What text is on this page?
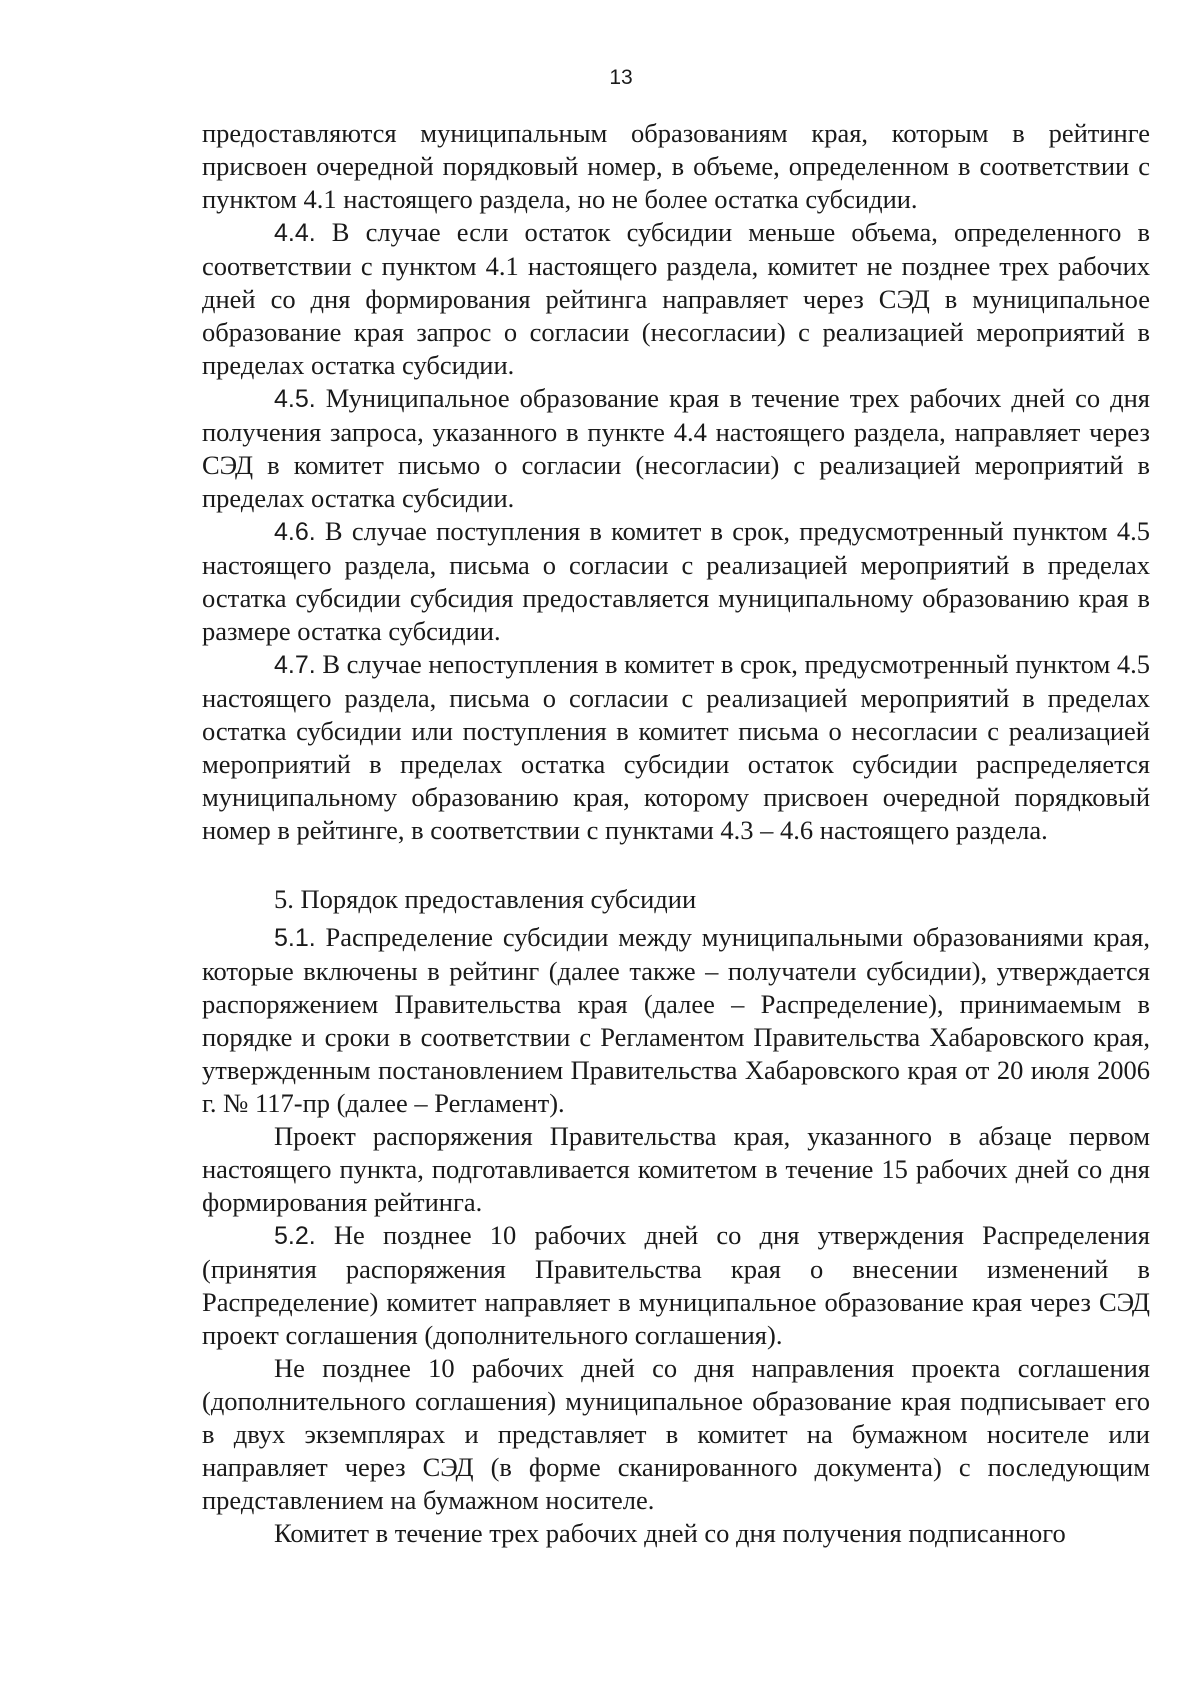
13

предоставляются муниципальным образованиям края, которым в рейтинге присвоен очередной порядковый номер, в объеме, определенном в соответствии с пунктом 4.1 настоящего раздела, но не более остатка субсидии.

4.4. В случае если остаток субсидии меньше объема, определенного в соответствии с пунктом 4.1 настоящего раздела, комитет не позднее трех рабочих дней со дня формирования рейтинга направляет через СЭД в муниципальное образование края запрос о согласии (несогласии) с реализацией мероприятий в пределах остатка субсидии.

4.5. Муниципальное образование края в течение трех рабочих дней со дня получения запроса, указанного в пункте 4.4 настоящего раздела, направляет через СЭД в комитет письмо о согласии (несогласии) с реализацией мероприятий в пределах остатка субсидии.

4.6. В случае поступления в комитет в срок, предусмотренный пунктом 4.5 настоящего раздела, письма о согласии с реализацией мероприятий в пределах остатка субсидии субсидия предоставляется муниципальному образованию края в размере остатка субсидии.

4.7. В случае непоступления в комитет в срок, предусмотренный пунктом 4.5 настоящего раздела, письма о согласии с реализацией мероприятий в пределах остатка субсидии или поступления в комитет письма о несогласии с реализацией мероприятий в пределах остатка субсидии остаток субсидии распределяется муниципальному образованию края, которому присвоен очередной порядковый номер в рейтинге, в соответствии с пунктами 4.3 – 4.6 настоящего раздела.

5. Порядок предоставления субсидии

5.1. Распределение субсидии между муниципальными образованиями края, которые включены в рейтинг (далее также – получатели субсидии), утверждается распоряжением Правительства края (далее – Распределение), принимаемым в порядке и сроки в соответствии с Регламентом Правительства Хабаровского края, утвержденным постановлением Правительства Хабаровского края от 20 июля 2006 г. № 117-пр (далее – Регламент).

Проект распоряжения Правительства края, указанного в абзаце первом настоящего пункта, подготавливается комитетом в течение 15 рабочих дней со дня формирования рейтинга.

5.2. Не позднее 10 рабочих дней со дня утверждения Распределения (принятия распоряжения Правительства края о внесении изменений в Распределение) комитет направляет в муниципальное образование края через СЭД проект соглашения (дополнительного соглашения).

Не позднее 10 рабочих дней со дня направления проекта соглашения (дополнительного соглашения) муниципальное образование края подписывает его в двух экземплярах и представляет в комитет на бумажном носителе или направляет через СЭД (в форме сканированного документа) с последующим представлением на бумажном носителе.

Комитет в течение трех рабочих дней со дня получения подписанного
